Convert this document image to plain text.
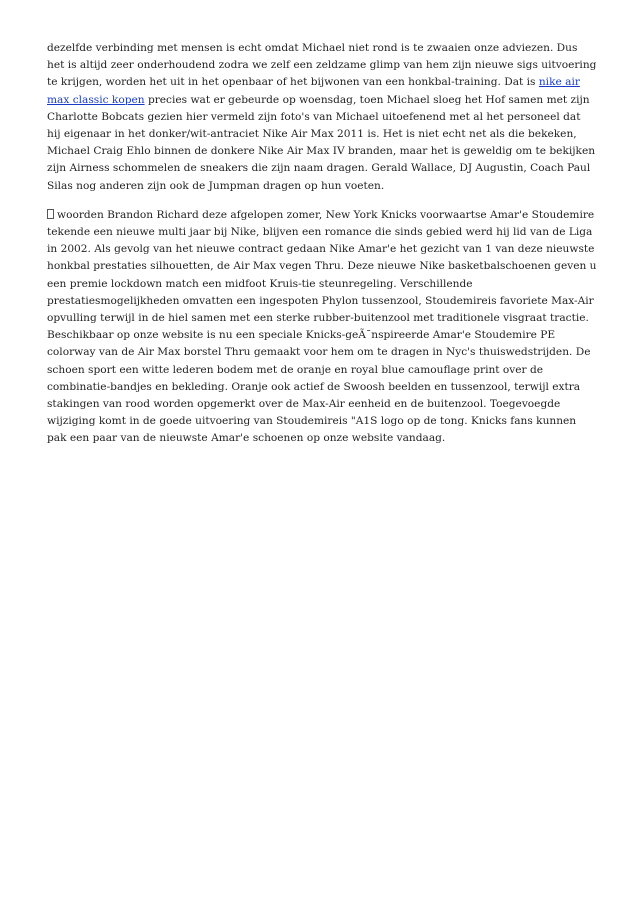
dezelfde verbinding met mensen is echt omdat Michael niet rond is te zwaaien onze adviezen. Dus het is altijd zeer onderhoudend zodra we zelf een zeldzame glimp van hem zijn nieuwe sigs uitvoering te krijgen, worden het uit in het openbaar of het bijwonen van een honkbal-training. Dat is nike air max classic kopen precies wat er gebeurde op woensdag, toen Michael sloeg het Hof samen met zijn Charlotte Bobcats gezien hier vermeld zijn foto's van Michael uitoefenend met al het personeel dat hij eigenaar in het donker/wit-antraciet Nike Air Max 2011 is. Het is niet echt net als die bekeken, Michael Craig Ehlo binnen de donkere Nike Air Max IV branden, maar het is geweldig om te bekijken zijn Airness schommelen de sneakers die zijn naam dragen. Gerald Wallace, DJ Augustin, Coach Paul Silas nog anderen zijn ook de Jumpman dragen op hun voeten.

woorden Brandon Richard deze afgelopen zomer, New York Knicks voorwaartse Amar'e Stoudemire tekende een nieuwe multi jaar bij Nike, blijven een romance die sinds gebied werd hij lid van de Liga in 2002. Als gevolg van het nieuwe contract gedaan Nike Amar'e het gezicht van 1 van deze nieuwste honkbal prestaties silhouetten, de Air Max vegen Thru. Deze nieuwe Nike basketbalschoenen geven u een premie lockdown match een midfoot Kruis-tie steunregeling. Verschillende prestatiesmogelijkheden omvatten een ingespoten Phylon tussenzool, Stoudemireis favoriete Max-Air opvulling terwijl in de hiel samen met een sterke rubber-buitenzool met traditionele visgraat tractie. Beschikbaar op onze website is nu een speciale Knicks-geÃ¯nspireerde Amar'e Stoudemire PE colorway van de Air Max borstel Thru gemaakt voor hem om te dragen in Nyc's thuiswedstrijden. De schoen sport een witte lederen bodem met de oranje en royal blue camouflage print over de combinatie-bandjes en bekleding. Oranje ook actief de Swoosh beelden en tussenzool, terwijl extra stakingen van rood worden opgemerkt over de Max-Air eenheid en de buitenzool. Toegevoegde wijziging komt in de goede uitvoering van Stoudemireis "A1S logo op de tong. Knicks fans kunnen pak een paar van de nieuwste Amar'e schoenen op onze website vandaag.
